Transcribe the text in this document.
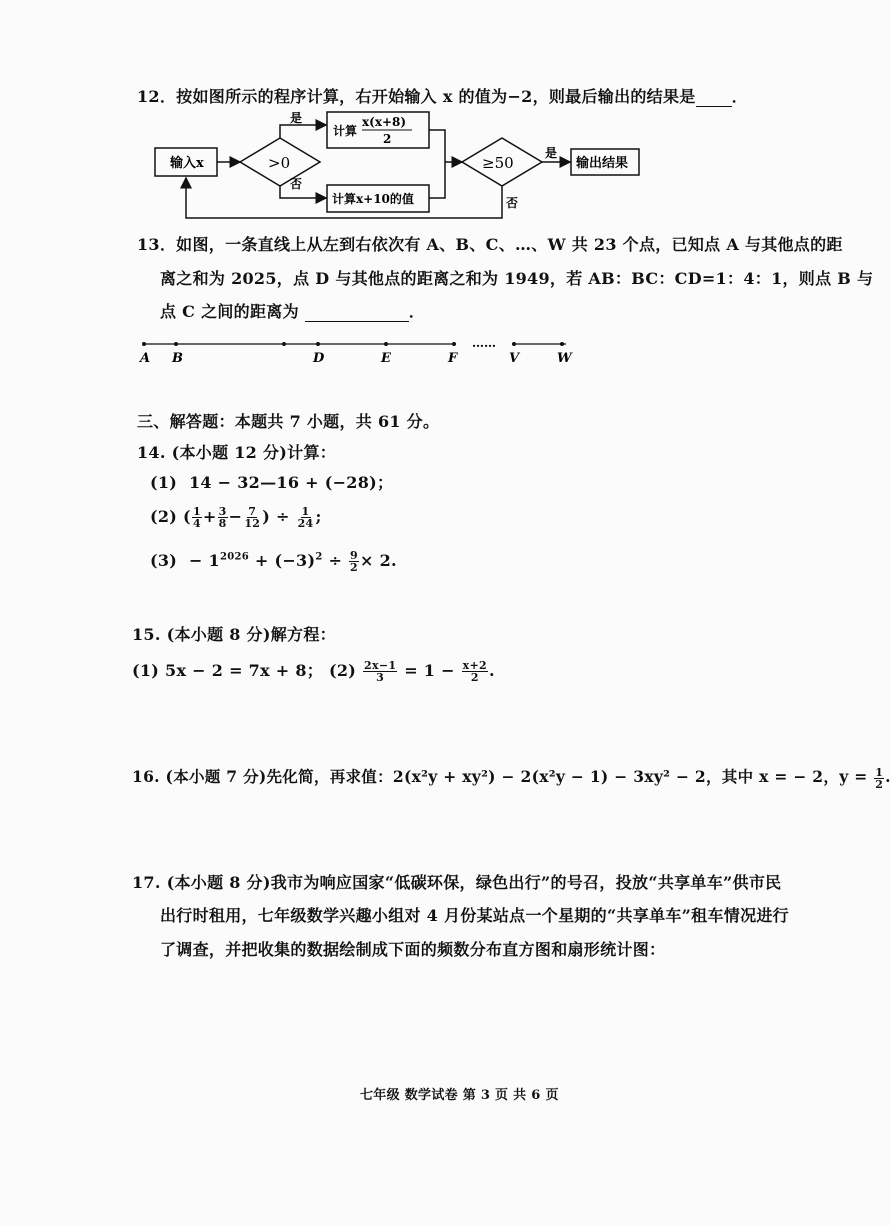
12．按如图所示的程序计算，右开始输入 x 的值为−2，则最后输出的结果是 ．
输入x	>0
是
否
计算
x(x+8)
2
计算x+10的值
≥50
是
输出结果
否
13．如图，一条直线上从左到右依次有 A、B、C、…、W 共 23 个点，已知点 A 与其他点的距
离之和为 2025，点 D 与其他点的距离之和为 1949，若 AB：BC：CD=1：4：1，则点 B 与
点 C 之间的距离为	．
……
A B	D	E	F	V	W
三、解答题：本题共 7 小题，共 61 分。
14. (本小题 12 分)计算：
(1) 14 − 32—16 + (−28)；
(2) ( $\frac{1}{4} + \frac{3}{8} - \frac{7}{12}$ ) ÷ $\frac{1}{24}$ ;
$(3) - 1^{2026} + (-3)^2 \div \frac{9}{2} \times 2$.
15. (本小题 8 分)解方程：
(1) 5x − 2 = 7x + 8； $(2) \frac{2x-1}{3} = 1 - \frac{x+2}{2}$ .
16. (本小题 7 分)先化简，再求值：2(x²y + xy²) − 2(x²y − 1) − 3xy² − 2，其中 x = − 2，$y = \frac{1}{2}$ .
17. (本小题 8 分)我市为响应国家“低碳环保，绿色出行”的号召，投放“共享单车”供市民
出行时租用，七年级数学兴趣小组对 4 月份某站点一个星期的“共享单车”租车情况进行
了调查，并把收集的数据绘制成下面的频数分布直方图和扇形统计图：
七年级 数学试卷 第 3 页 共 6 页
